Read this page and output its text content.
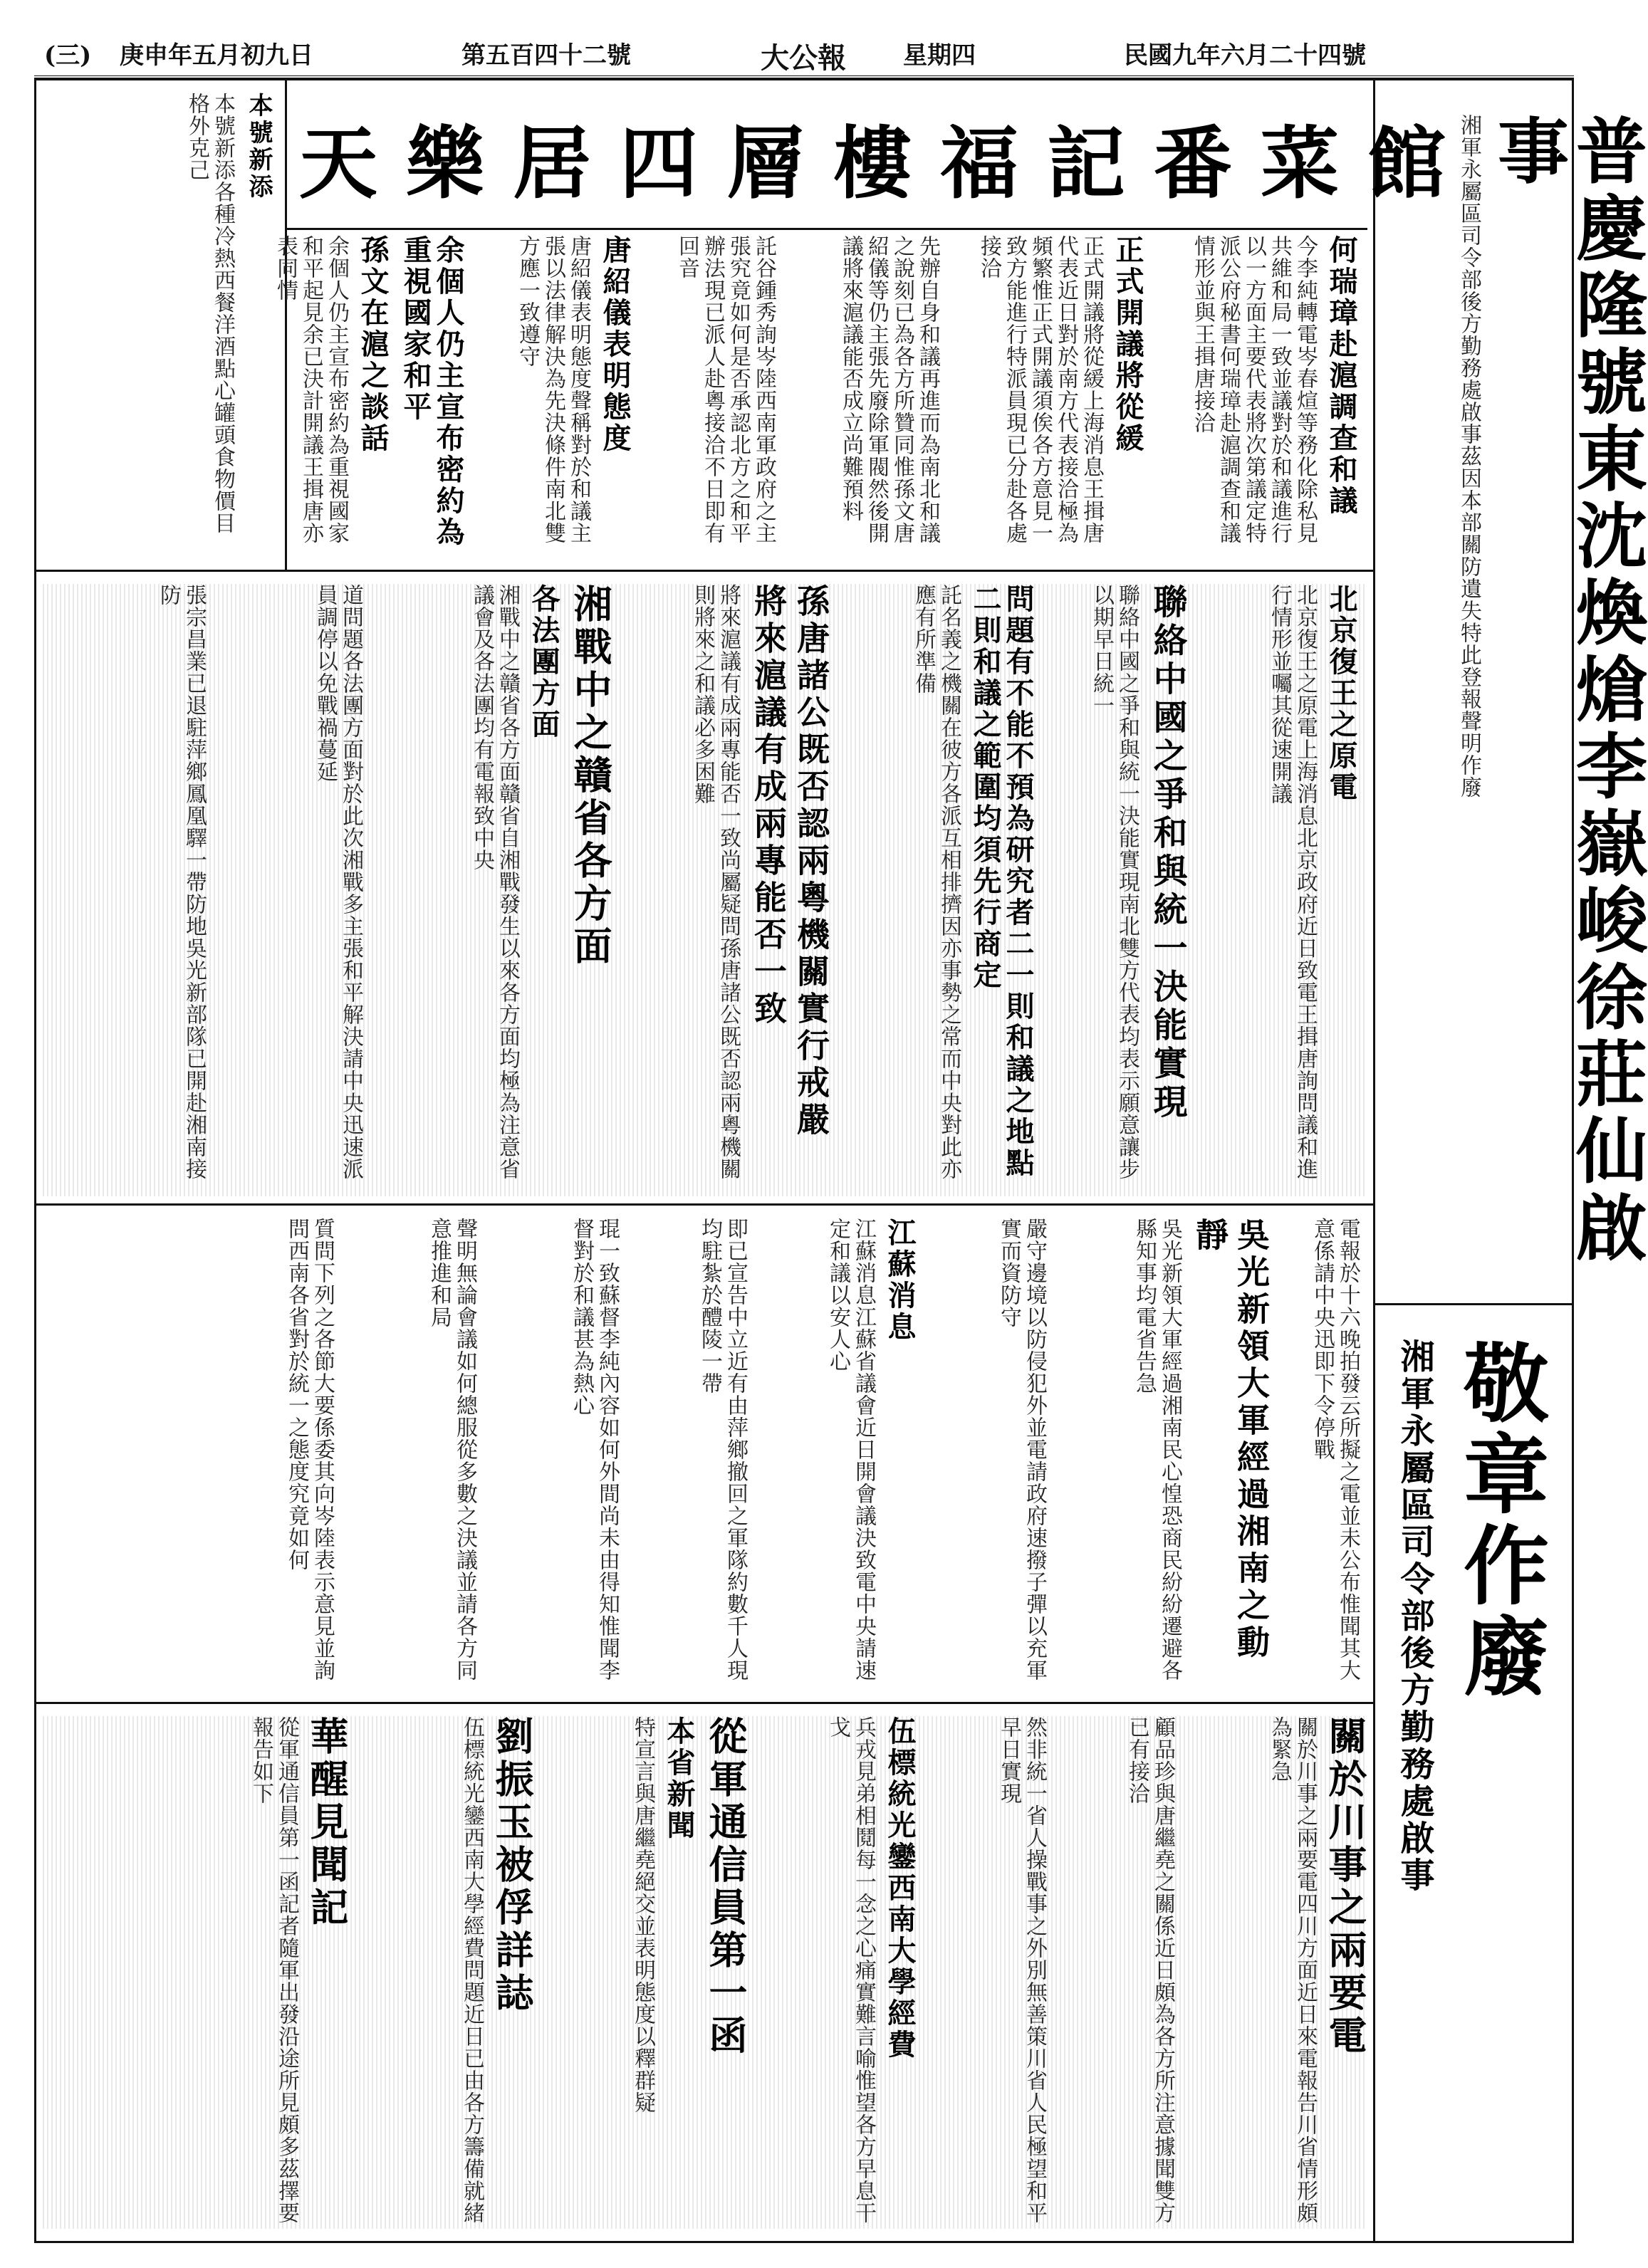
(三) 庚申年五月初九日	第五百四十二號	大公報 星期四	民國九年六月二十四號
普慶隆號東沈煥熗李嶽峻徐莊仙啟事
湘軍永屬區司令部後方勤務處啟事茲因本部關防遺失特此登報聲明作廢
敬章作廢
湘軍永屬區司令部後方勤務處啟事
天樂居四層樓福記番菜館
本號新添
本號新添各種冷熱西餐洋酒點心罐頭食物價目格外克己
何瑞璋赴滬調查和議
今李純轉電岑春煊等務化除私見共維和局一致並議對於和議進行以一方面主要代表將次第議定特派公府秘書何瑞璋赴滬調查和議情形並與王揖唐接洽
正式開議將從緩
正式開議將從緩上海消息王揖唐代表近日對於南方代表接洽極為頻繁惟正式開議須俟各方意見一致方能進行特派員現已分赴各處接洽
先辦自身和議再進而為南北和議之說刻已為各方所贊同惟孫文唐紹儀等仍主張先廢除軍閥然後開議將來滬議能否成立尚難預料
託谷鍾秀詢岑陸西南軍政府之主張究竟如何是否承認北方之和平辦法現已派人赴粵接洽不日即有回音
唐紹儀表明態度
唐紹儀表明態度聲稱對於和議主張以法律解決為先決條件南北雙方應一致遵守
余個人仍主宣布密約為重視國家和平
孫文在滬之談話
余個人仍主宣布密約為重視國家和平起見余已決計開議王揖唐亦表同情
北京復王之原電
北京復王之原電上海消息北京政府近日致電王揖唐詢問議和進行情形並囑其從速開議
聯絡中國之爭和與統一決能實現
聯絡中國之爭和與統一決能實現南北雙方代表均表示願意讓步以期早日統一
問題有不能不預為研究者二一則和議之地點二則和議之範圍均須先行商定
託名義之機關在彼方各派互相排擠因亦事勢之常而中央對此亦應有所準備
孫唐諸公既否認兩粵機關實行戒嚴
將來滬議有成兩專能否一致
將來滬議有成兩專能否一致尚屬疑問孫唐諸公既否認兩粵機關則將來之和議必多困難
湘戰中之贛省各方面
各法團方面
湘戰中之贛省各方面贛省自湘戰發生以來各方面均極為注意省議會及各法團均有電報致中央
道問題各法團方面對於此次湘戰多主張和平解決請中央迅速派員調停以免戰禍蔓延
張宗昌業已退駐萍鄉鳳凰驛一帶防地吳光新部隊已開赴湘南接防
電報於十六晚拍發云所擬之電並未公布惟聞其大意係請中央迅即下令停戰
吳光新領大軍經過湘南之動靜
吳光新領大軍經過湘南民心惶恐商民紛紛遷避各縣知事均電省告急
嚴守邊境以防侵犯外並電請政府速撥子彈以充軍實而資防守
江蘇消息
江蘇消息江蘇省議會近日開會議決致電中央請速定和議以安人心
即已宣告中立近有由萍鄉撤回之軍隊約數千人現均駐紮於醴陵一帶
琨一致蘇督李純內容如何外間尚未由得知惟聞李督對於和議甚為熱心
聲明無論會議如何總服從多數之決議並請各方同意推進和局
質問下列之各節大要係委其向岑陸表示意見並詢問西南各省對於統一之態度究竟如何
關於川事之兩要電
關於川事之兩要電四川方面近日來電報告川省情形頗為緊急
顧品珍與唐繼堯之關係近日頗為各方所注意據聞雙方已有接洽
然非統一省人操戰事之外別無善策川省人民極望和平早日實現
伍標統光鑾西南大學經費
兵戎見弟相鬩每一念之心痛實難言喻惟望各方早息干戈
從軍通信員第一函
本省新聞
特宣言與唐繼堯絕交並表明態度以釋群疑
劉振玉被俘詳誌
伍標統光鑾西南大學經費問題近日已由各方籌備就緒
華醒見聞記
從軍通信員第一函記者隨軍出發沿途所見頗多茲擇要報告如下
